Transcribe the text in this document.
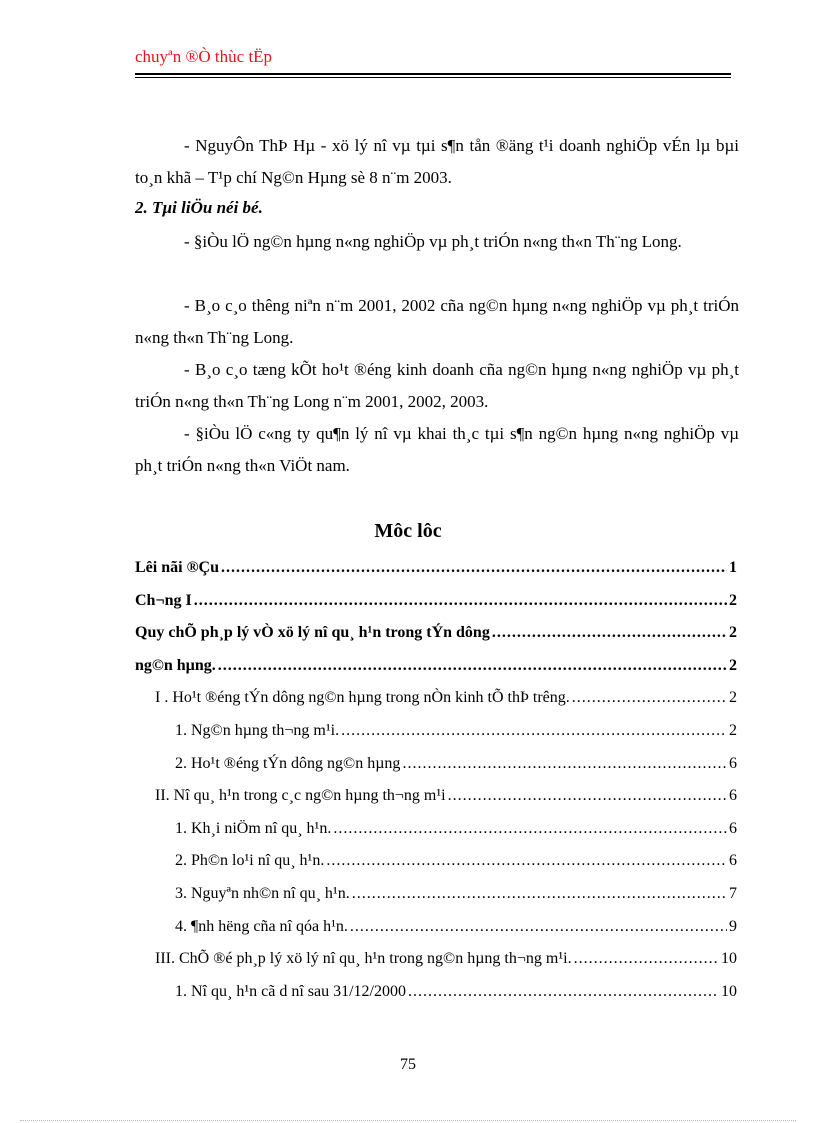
chuyªn ®Ò thùc tËp
- NguyÔn ThÞ Hµ - xö lý nî vµ tµi s¶n tån ®äng t¹i doanh nghiÖp vÉn lµ bµi to¸n khã – T¹p chí Ng©n Hµng sè 8 n¨m 2003.
2. Tµi liÖu néi bé.
- §iÒu lÖ ng©n hµng n«ng nghiÖp vµ ph¸t triÓn n«ng th«n Th¨ng Long.
- B¸o c¸o thêng niªn n¨m 2001, 2002 cña ng©n hµng n«ng nghiÖp vµ ph¸t triÓn n«ng th«n Th¨ng Long.
- B¸o c¸o tæng kÕt ho¹t ®éng kinh doanh cña ng©n hµng n«ng nghiÖp vµ ph¸t triÓn n«ng th«n Th¨ng Long n¨m 2001, 2002, 2003.
- §iÒu lÖ c«ng ty qu¶n lý nî vµ khai th¸c tµi s¶n ng©n hµng n«ng nghiÖp vµ ph¸t triÓn n«ng th«n ViÖt nam.
Môc lôc
Lêi nãi ®Çu .....	1
Ch¬ng I .....	2
Quy chÕ ph¸p lý vÒ xö lý nî qu¸ h¹n trong tÝn dông .....	2
ng©n hµng. .....	2
I . Ho¹t ®éng tÝn dông ng©n hµng trong nÒn kinh tÕ thÞ trêng. .....	2
1. Ng©n hµng th¬ng m¹i. .....	2
2. Ho¹t ®éng tÝn dông ng©n hµng .....	6
II. Nî qu¸ h¹n trong c¸c ng©n hµng th¬ng m¹i .....	6
1. Kh¸i niÖm nî qu¸ h¹n. .....	6
2. Ph©n lo¹i nî qu¸ h¹n. .....	6
3. Nguyªn nh©n nî qu¸ h¹n. .....	7
4. ¶nh hëng cña nî qóa h¹n. .....	9
III. ChÕ ®é ph¸p lý xö lý nî qu¸ h¹n trong ng©n hµng th¬ng m¹i. .....	10
1. Nî qu¸ h¹n cã d nî sau 31/12/2000 .....	10
75
